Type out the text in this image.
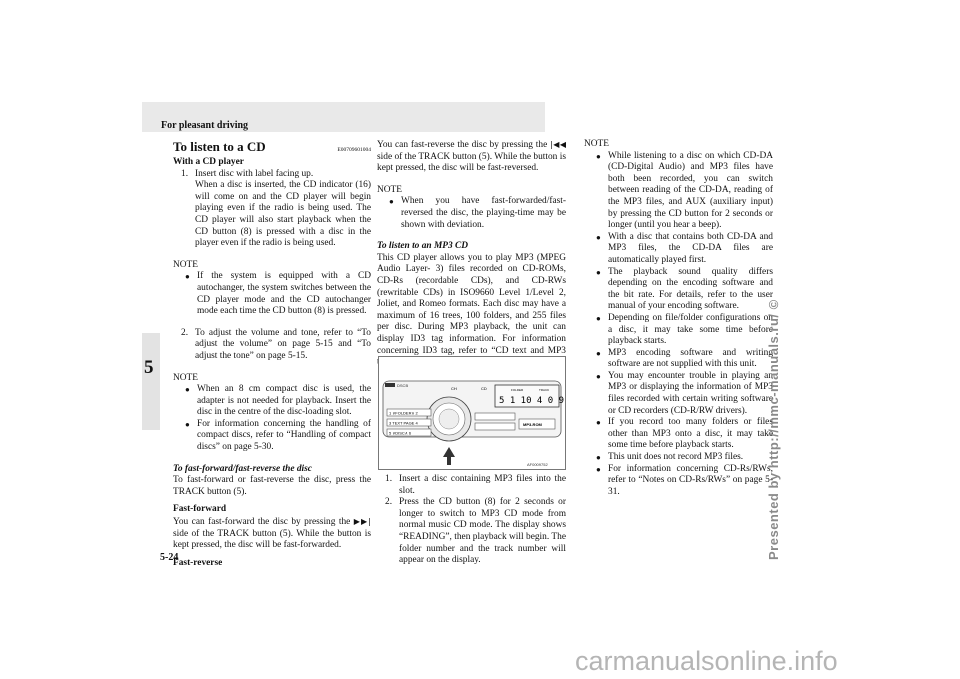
For pleasant driving
5
5-24
To listen to a CD	E00709601004

With a CD player

1. Insert disc with label facing up.

When a disc is inserted, the CD indicator (16) will come on and the CD player will begin playing even if the radio is being used. The CD player will also start playback when the CD button (8) is pressed with a disc in the player even if the radio is being used.

NOTE

● If the system is equipped with a CD autochanger, the system switches between the CD player mode and the CD autochanger mode each time the CD button (8) is pressed.
2. To adjust the volume and tone, refer to “To adjust the volume” on page 5-15 and “To adjust the tone” on page 5-15.

NOTE

● When an 8 cm compact disc is used, the adapter is not needed for playback. Insert the disc in the centre of the disc-loading slot.
● For information concerning the handling of compact discs, refer to “Handling of compact discs” on page 5-30.

To fast-forward/fast-reverse the disc

To fast-forward or fast-reverse the disc, press the TRACK button (5).

Fast-forward

You can fast-forward the disc by pressing the ▶▶| side of the TRACK button (5). While the button is kept pressed, the disc will be fast-forwarded.

Fast-reverse

You can fast-reverse the disc by pressing the |◀◀ side of the TRACK button (5). While the button is kept pressed, the disc will be fast-reversed.

NOTE

● When you have fast-forwarded/fast-reversed the disc, the playing-time may be shown with deviation.

To listen to an MP3 CD

This CD player allows you to play MP3 (MPEG Audio Layer- 3) files recorded on CD-ROMs, CD-Rs (recordable CDs), and CD-RWs (rewritable CDs) in ISO9660 Level 1/Level 2, Joliet, and Romeo formats. Each disc may have a maximum of 16 trees, 100 folders, and 255 files per disc. During MP3 playback, the unit can display ID3 tag information. For information concerning ID3 tag, refer to “CD text and MP3

DSCB
FOLDER	TRACK
5 1 10 4 0 9
CH	CD
1 ∨FOLDER∧ 2
3 TEXT PAGE 4
5 ∨DISC∧ 6
MP3-ROM
AF0009752
1. Insert a disc containing MP3 files into the slot.
2. Press the CD button (8) for 2 seconds or longer to switch to MP3 CD mode from normal music CD mode. The display shows “READING”, then playback will begin. The folder number and the track number will appear on the display.

NOTE

● While listening to a disc on which CD-DA (CD-Digital Audio) and MP3 files have both been recorded, you can switch between reading of the CD-DA, reading of the MP3 files, and AUX (auxiliary input) by pressing the CD button for 2 seconds or longer (until you hear a beep).
● With a disc that contains both CD-DA and MP3 files, the CD-DA files are automatically played first.
● The playback sound quality differs depending on the encoding software and the bit rate. For details, refer to the user manual of your encoding software.
● Depending on file/folder configurations on a disc, it may take some time before playback starts.
● MP3 encoding software and writing software are not supplied with this unit.
● You may encounter trouble in playing an MP3 or displaying the information of MP3 files recorded with certain writing software or CD recorders (CD-R/RW drivers).
● If you record too many folders or files other than MP3 onto a disc, it may take some time before playback starts.
● This unit does not record MP3 files.
● For information concerning CD-Rs/RWs, refer to “Notes on CD-Rs/RWs” on page 5-31.	Presented by http://mmc-manuals.ru/ ©
carmanualsonline.info
